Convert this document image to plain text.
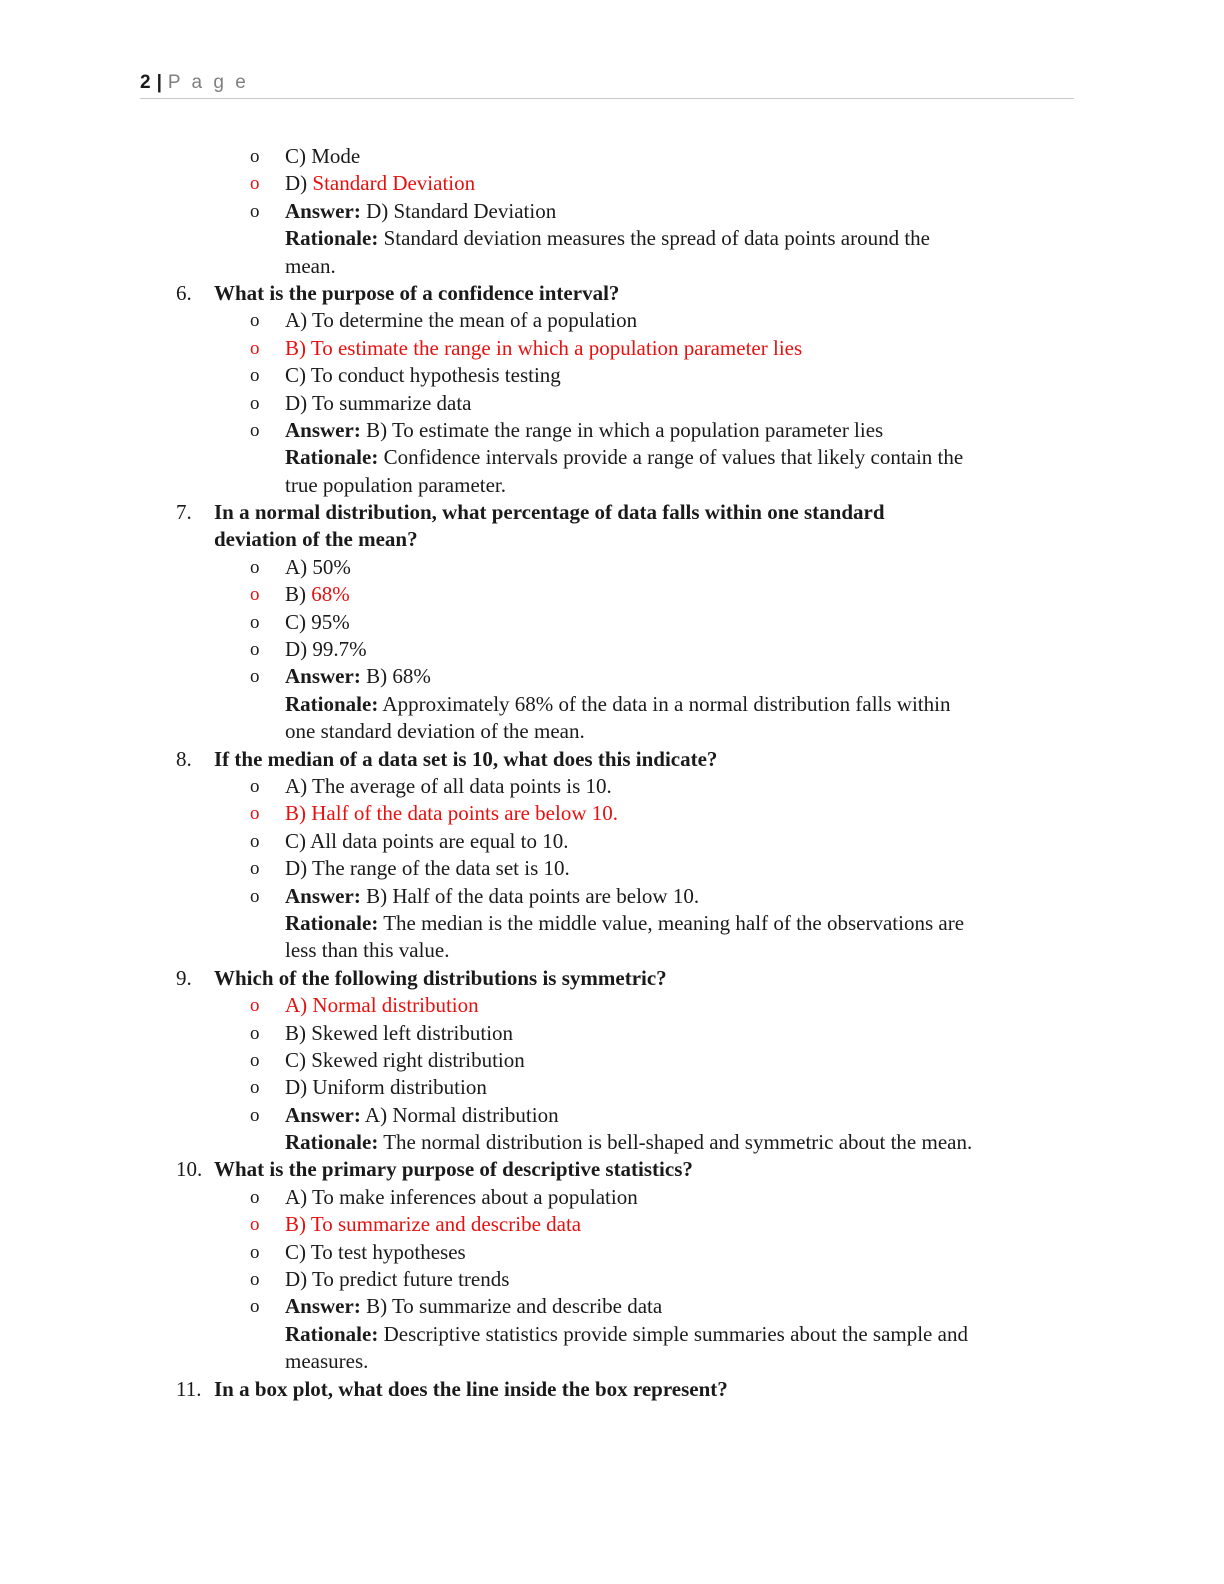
2 | P a g e
o C) Mode
o D) Standard Deviation
o Answer: D) Standard Deviation
Rationale: Standard deviation measures the spread of data points around the
mean.
6. What is the purpose of a confidence interval?
o A) To determine the mean of a population
o B) To estimate the range in which a population parameter lies
o C) To conduct hypothesis testing
o D) To summarize data
o Answer: B) To estimate the range in which a population parameter lies
Rationale: Confidence intervals provide a range of values that likely contain the
true population parameter.
7. In a normal distribution, what percentage of data falls within one standard
deviation of the mean?
o A) 50%
o B) 68%
o C) 95%
o D) 99.7%
o Answer: B) 68%
Rationale: Approximately 68% of the data in a normal distribution falls within
one standard deviation of the mean.
8. If the median of a data set is 10, what does this indicate?
o A) The average of all data points is 10.
o B) Half of the data points are below 10.
o C) All data points are equal to 10.
o D) The range of the data set is 10.
o Answer: B) Half of the data points are below 10.
Rationale: The median is the middle value, meaning half of the observations are
less than this value.
9. Which of the following distributions is symmetric?
o A) Normal distribution
o B) Skewed left distribution
o C) Skewed right distribution
o D) Uniform distribution
o Answer: A) Normal distribution
Rationale: The normal distribution is bell-shaped and symmetric about the mean.
10. What is the primary purpose of descriptive statistics?
o A) To make inferences about a population
o B) To summarize and describe data
o C) To test hypotheses
o D) To predict future trends
o Answer: B) To summarize and describe data
Rationale: Descriptive statistics provide simple summaries about the sample and
measures.
11. In a box plot, what does the line inside the box represent?
